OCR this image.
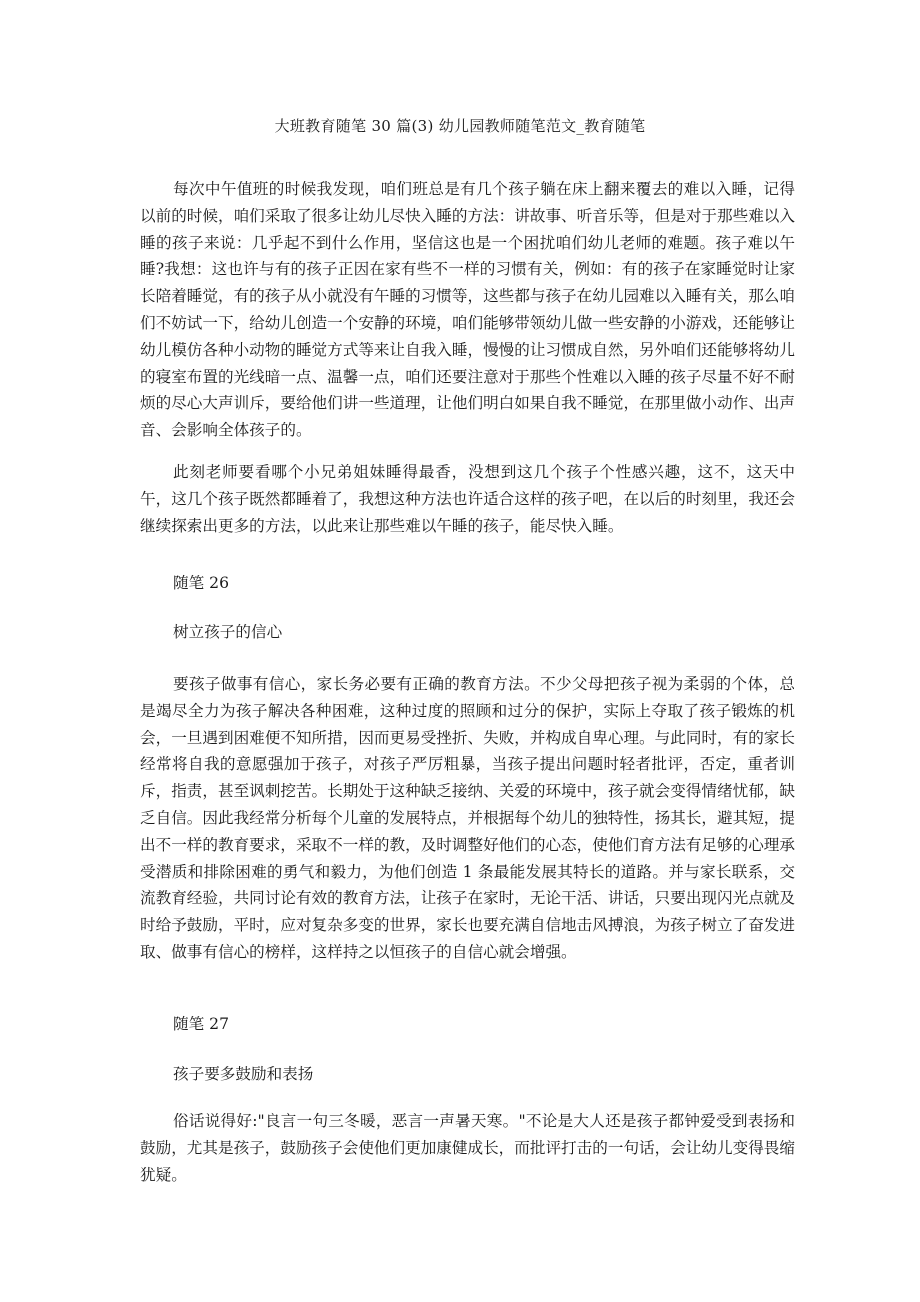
大班教育随笔 30 篇(3) 幼儿园教师随笔范文_教育随笔

每次中午值班的时候我发现，咱们班总是有几个孩子躺在床上翻来覆去的难以入睡，记得以前的时候，咱们采取了很多让幼儿尽快入睡的方法：讲故事、听音乐等，但是对于那些难以入睡的孩子来说：几乎起不到什么作用，坚信这也是一个困扰咱们幼儿老师的难题。孩子难以午睡?我想：这也许与有的孩子正因在家有些不一样的习惯有关，例如：有的孩子在家睡觉时让家长陪着睡觉，有的孩子从小就没有午睡的习惯等，这些都与孩子在幼儿园难以入睡有关，那么咱们不妨试一下，给幼儿创造一个安静的环境，咱们能够带领幼儿做一些安静的小游戏，还能够让幼儿模仿各种小动物的睡觉方式等来让自我入睡，慢慢的让习惯成自然，另外咱们还能够将幼儿的寝室布置的光线暗一点、温馨一点，咱们还要注意对于那些个性难以入睡的孩子尽量不好不耐烦的尽心大声训斥，要给他们讲一些道理，让他们明白如果自我不睡觉，在那里做小动作、出声音、会影响全体孩子的。

此刻老师要看哪个小兄弟姐妹睡得最香，没想到这几个孩子个性感兴趣，这不，这天中午，这几个孩子既然都睡着了，我想这种方法也许适合这样的孩子吧，在以后的时刻里，我还会继续探索出更多的方法，以此来让那些难以午睡的孩子，能尽快入睡。

随笔 26

树立孩子的信心

要孩子做事有信心，家长务必要有正确的教育方法。不少父母把孩子视为柔弱的个体，总是竭尽全力为孩子解决各种困难，这种过度的照顾和过分的保护，实际上夺取了孩子锻炼的机会，一旦遇到困难便不知所措，因而更易受挫折、失败，并构成自卑心理。与此同时，有的家长经常将自我的意愿强加于孩子，对孩子严厉粗暴，当孩子提出问题时轻者批评，否定，重者训斥，指责，甚至讽刺挖苦。长期处于这种缺乏接纳、关爱的环境中，孩子就会变得情绪忧郁，缺乏自信。因此我经常分析每个儿童的发展特点，并根据每个幼儿的独特性，扬其长，避其短，提出不一样的教育要求，采取不一样的教，及时调整好他们的心态，使他们育方法有足够的心理承受潜质和排除困难的勇气和毅力，为他们创造 1 条最能发展其特长的道路。并与家长联系，交流教育经验，共同讨论有效的教育方法，让孩子在家时，无论干活、讲话，只要出现闪光点就及时给予鼓励，平时，应对复杂多变的世界，家长也要充满自信地击风搏浪，为孩子树立了奋发进取、做事有信心的榜样，这样持之以恒孩子的自信心就会增强。

随笔 27

孩子要多鼓励和表扬

俗话说得好:"良言一句三冬暖，恶言一声暑天寒。"不论是大人还是孩子都钟爱受到表扬和鼓励，尤其是孩子，鼓励孩子会使他们更加康健成长，而批评打击的一句话，会让幼儿变得畏缩犹疑。
